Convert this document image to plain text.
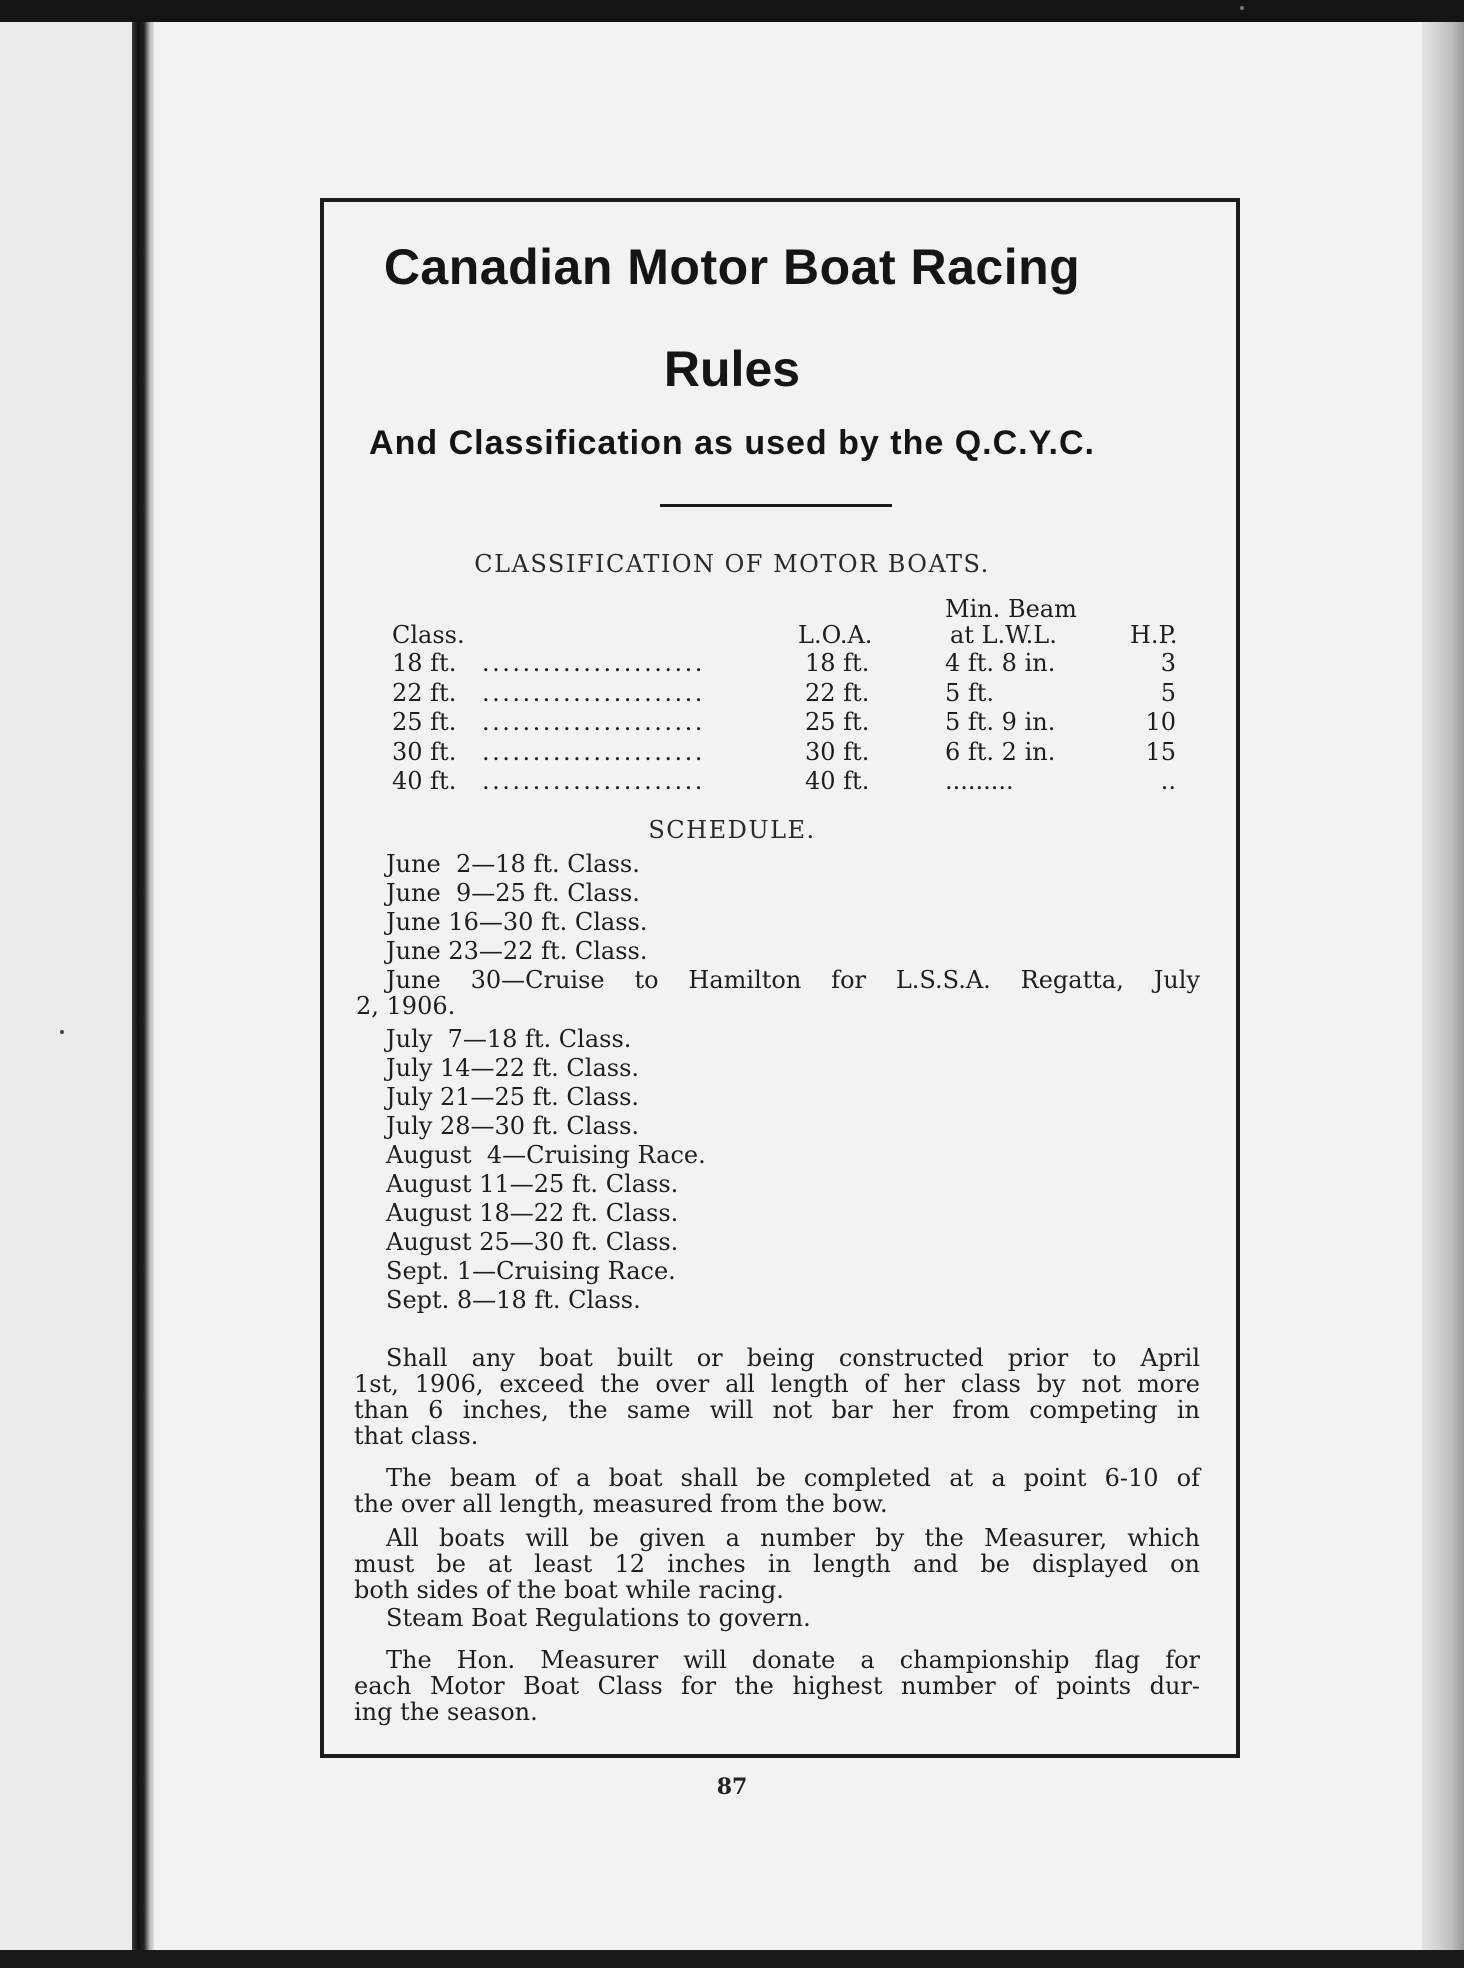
Canadian Motor Boat Racing
Rules
And Classification as used by the Q.C.Y.C.
CLASSIFICATION OF MOTOR BOATS.
Min. Beam
Class.	L.O.A.	at L.W.L.	H.P.
18 ft. ......................	18 ft.	4 ft. 8 in.	3
22 ft. ......................	22 ft.	5 ft.	5
25 ft. ......................	25 ft.	5 ft. 9 in.	10
30 ft. ......................	30 ft.	6 ft. 2 in.	15
40 ft. ......................	40 ft.	.........	..
SCHEDULE.
June  2—18 ft. Class.
June  9—25 ft. Class.
June 16—30 ft. Class.
June 23—22 ft. Class.
June 30—Cruise to Hamilton for L.S.S.A. Regatta, July
2, 1906.
July  7—18 ft. Class.
July 14—22 ft. Class.
July 21—25 ft. Class.
July 28—30 ft. Class.
August  4—Cruising Race.
August 11—25 ft. Class.
August 18—22 ft. Class.
August 25—30 ft. Class.
Sept. 1—Cruising Race.
Sept. 8—18 ft. Class.
Shall any boat built or being constructed prior to April
1st, 1906, exceed the over all length of her class by not more
than 6 inches, the same will not bar her from competing in
that class.
The beam of a boat shall be completed at a point 6-10 of
the over all length, measured from the bow.
All boats will be given a number by the Measurer, which
must be at least 12 inches in length and be displayed on
both sides of the boat while racing.
Steam Boat Regulations to govern.
The Hon. Measurer will donate a championship flag for
each Motor Boat Class for the highest number of points dur-
ing the season.
87
